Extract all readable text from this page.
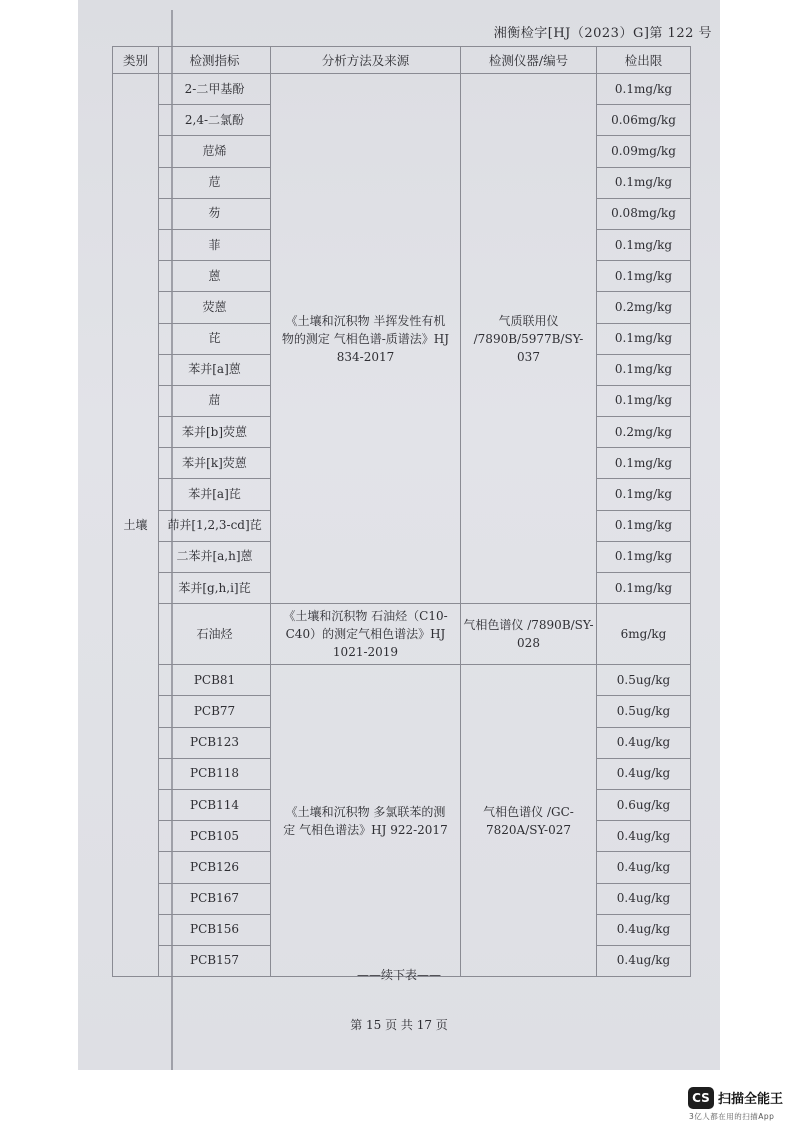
湘衡检字[HJ（2023）G]第 122 号
类别	检测指标	分析方法及来源	检测仪器/编号	检出限
土壤	2-二甲基酚	《土壤和沉积物 半挥发性有机物的测定 气相色谱-质谱法》HJ 834-2017	气质联用仪 /7890B/5977B/SY-037	0.1mg/kg
	2,4-二氯酚			0.06mg/kg
	苊烯			0.09mg/kg
	苊			0.1mg/kg
	芴			0.08mg/kg
	菲			0.1mg/kg
	蒽			0.1mg/kg
	荧蒽			0.2mg/kg
	芘			0.1mg/kg
	苯并[a]蒽			0.1mg/kg
	䓛			0.1mg/kg
	苯并[b]荧蒽			0.2mg/kg
	苯并[k]荧蒽			0.1mg/kg
	苯并[a]芘			0.1mg/kg
	茚并[1,2,3-cd]芘			0.1mg/kg
	二苯并[a,h]蒽			0.1mg/kg
	苯并[g,h,i]芘			0.1mg/kg
	石油烃	《土壤和沉积物 石油烃（C10-C40）的测定气相色谱法》HJ 1021-2019	气相色谱仪 /7890B/SY-028	6mg/kg
	PCB81	《土壤和沉积物 多氯联苯的测定 气相色谱法》HJ 922-2017	气相色谱仪 /GC-7820A/SY-027	0.5ug/kg
	PCB77			0.5ug/kg
	PCB123			0.4ug/kg
	PCB118			0.4ug/kg
	PCB114			0.6ug/kg
	PCB105			0.4ug/kg
	PCB126			0.4ug/kg
	PCB167			0.4ug/kg
	PCB156			0.4ug/kg
	PCB157			0.4ug/kg
——续下表——
第 15 页 共 17 页
CS 扫描全能王
3亿人都在用的扫描App
